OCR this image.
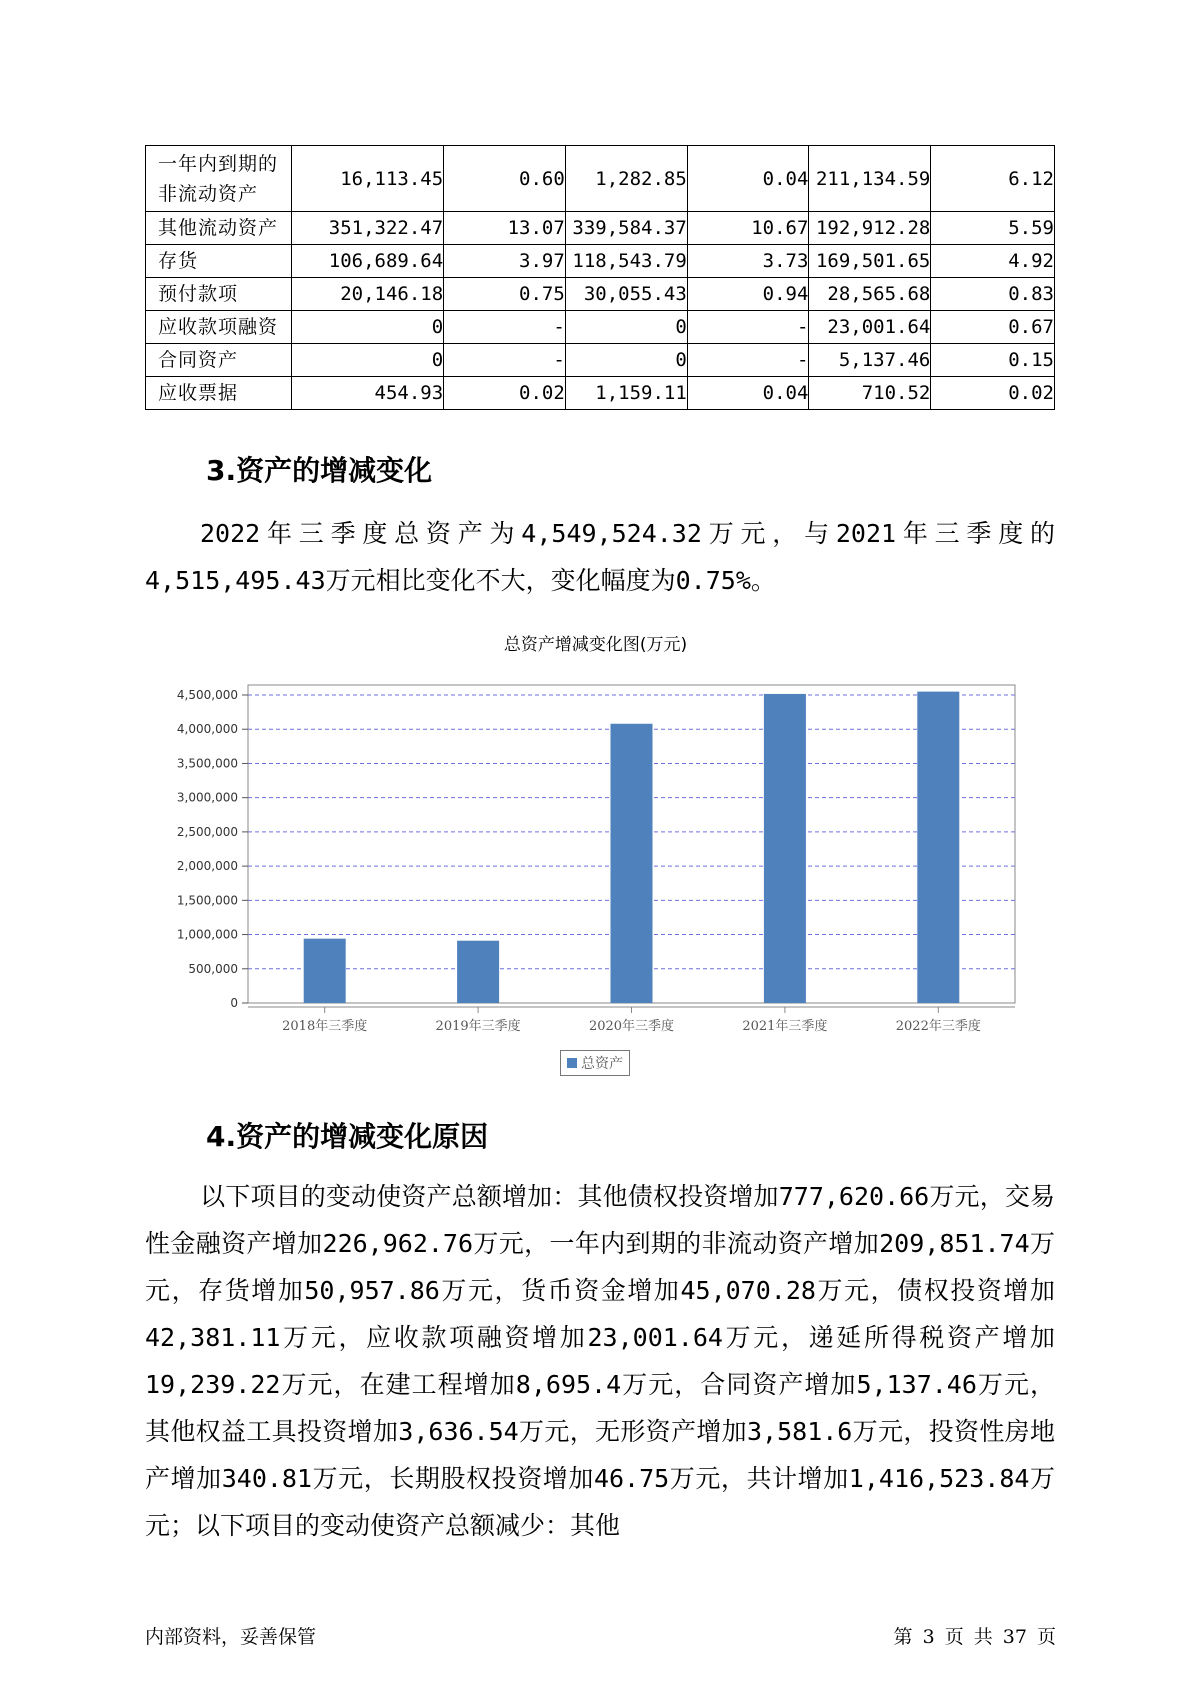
一年内到期的非流动资产	16,113.45	0.60	1,282.85	0.04	211,134.59	6.12
其他流动资产	351,322.47	13.07	339,584.37	10.67	192,912.28	5.59
存货	106,689.64	3.97	118,543.79	3.73	169,501.65	4.92
预付款项	20,146.18	0.75	30,055.43	0.94	28,565.68	0.83
应收款项融资	0	-	0	-	23,001.64	0.67
合同资产	0	-	0	-	5,137.46	0.15
应收票据	454.93	0.02	1,159.11	0.04	710.52	0.02
3.资产的增减变化
2022年三季度总资产为4,549,524.32万元，与2021年三季度的4,515,495.43万元相比变化不大，变化幅度为0.75%。
总资产增减变化图(万元)
0
500,000
1,000,000
1,500,000
2,000,000
2,500,000
3,000,000
3,500,000
4,000,000
4,500,000
2018年三季度	2019年三季度	2020年三季度	2021年三季度	2022年三季度
总资产
4.资产的增减变化原因
以下项目的变动使资产总额增加：其他债权投资增加777,620.66万元，交易性金融资产增加226,962.76万元，一年内到期的非流动资产增加209,851.74万元，存货增加50,957.86万元，货币资金增加45,070.28万元，债权投资增加42,381.11万元，应收款项融资增加23,001.64万元，递延所得税资产增加19,239.22万元，在建工程增加8,695.4万元，合同资产增加5,137.46万元，其他权益工具投资增加3,636.54万元，无形资产增加3,581.6万元，投资性房地产增加340.81万元，长期股权投资增加46.75万元，共计增加1,416,523.84万元；以下项目的变动使资产总额减少：其他
内部资料，妥善保管	第 3 页 共 37 页
